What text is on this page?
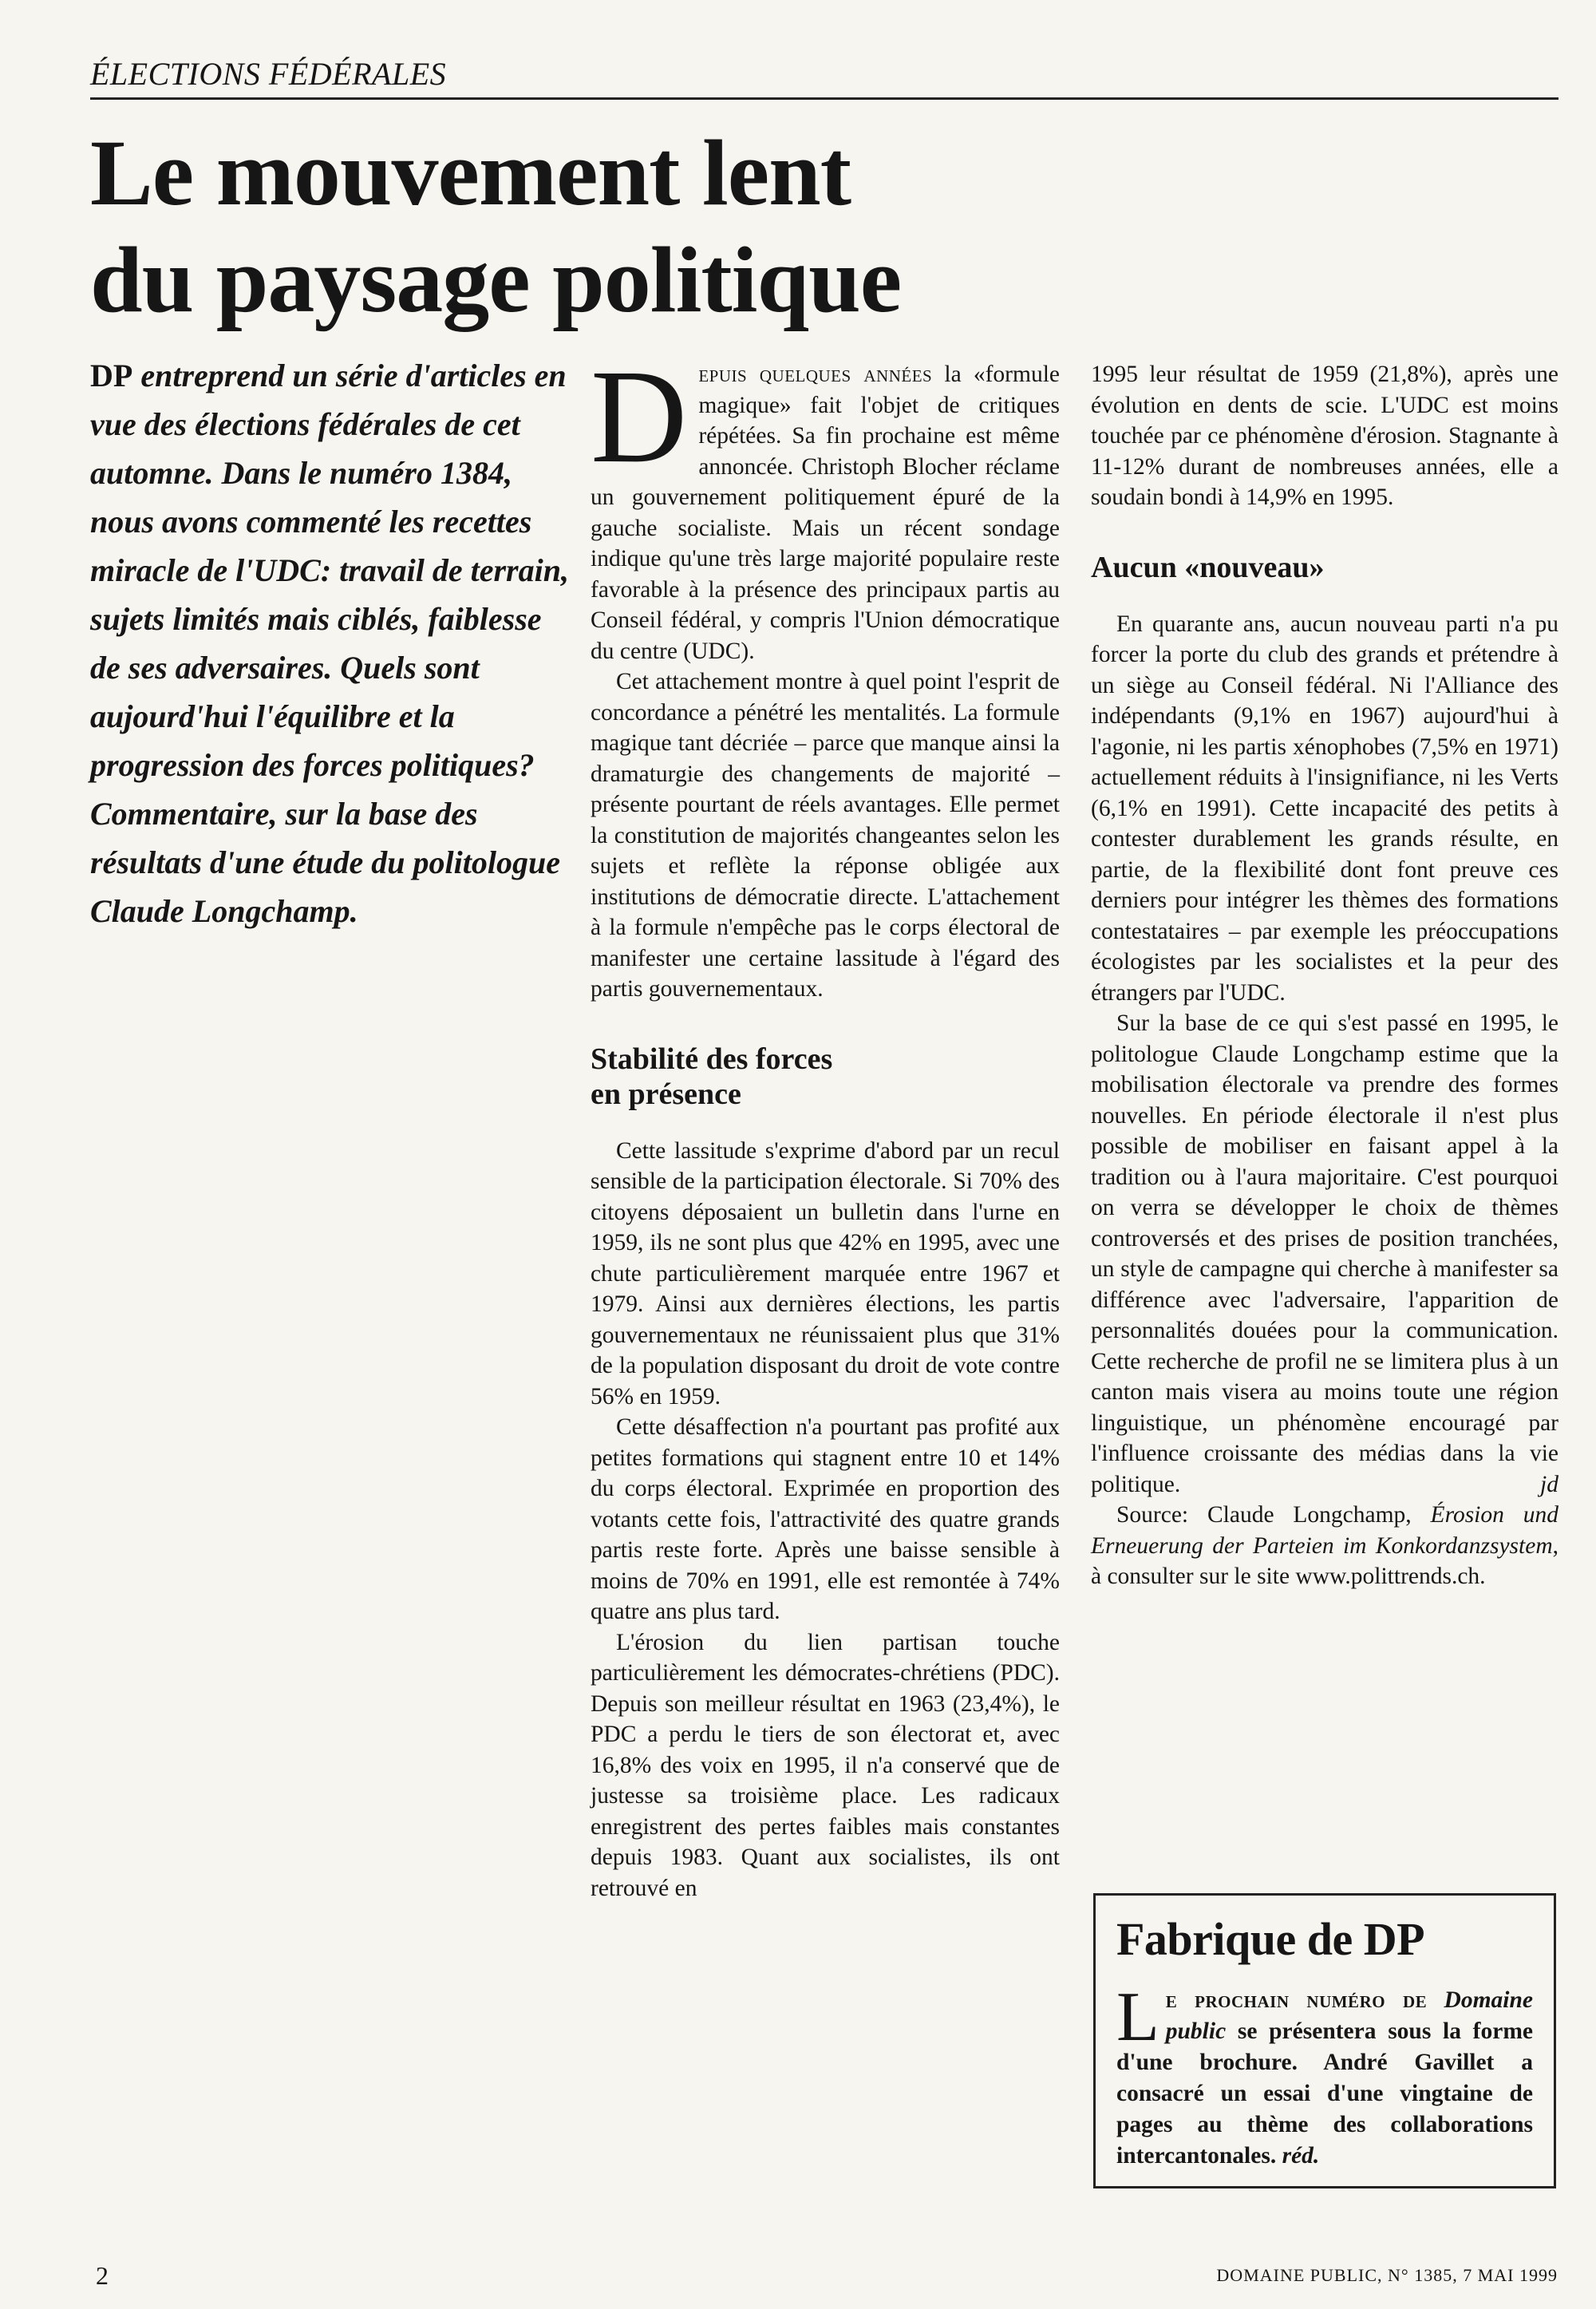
ÉLECTIONS FÉDÉRALES
Le mouvement lent
du paysage politique

DP entreprend un série d'articles en vue des élections fédérales de cet automne. Dans le numéro 1384, nous avons commenté les recettes miracle de l'UDC: travail de terrain, sujets limités mais ciblés, faiblesse de ses adversaires. Quels sont aujourd'hui l'équilibre et la progression des forces politiques? Commentaire, sur la base des résultats d'une étude du politologue Claude Longchamp.

Depuis quelques années la «formule magique» fait l'objet de critiques répétées. Sa fin prochaine est même annoncée. Christoph Blocher réclame un gouvernement politiquement épuré de la gauche socialiste. Mais un récent sondage indique qu'une très large majorité populaire reste favorable à la présence des principaux partis au Conseil fédéral, y compris l'Union démocratique du centre (UDC).

Cet attachement montre à quel point l'esprit de concordance a pénétré les mentalités. La formule magique tant décriée – parce que manque ainsi la dramaturgie des changements de majorité – présente pourtant de réels avantages. Elle permet la constitution de majorités changeantes selon les sujets et reflète la réponse obligée aux institutions de démocratie directe. L'attachement à la formule n'empêche pas le corps électoral de manifester une certaine lassitude à l'égard des partis gouvernementaux.

Stabilité des forces
en présence

Cette lassitude s'exprime d'abord par un recul sensible de la participation électorale. Si 70% des citoyens déposaient un bulletin dans l'urne en 1959, ils ne sont plus que 42% en 1995, avec une chute particulièrement marquée entre 1967 et 1979. Ainsi aux dernières élections, les partis gouvernementaux ne réunissaient plus que 31% de la population disposant du droit de vote contre 56% en 1959.

Cette désaffection n'a pourtant pas profité aux petites formations qui stagnent entre 10 et 14% du corps électoral. Exprimée en proportion des votants cette fois, l'attractivité des quatre grands partis reste forte. Après une baisse sensible à moins de 70% en 1991, elle est remontée à 74% quatre ans plus tard.

L'érosion du lien partisan touche particulièrement les démocrates-chrétiens (PDC). Depuis son meilleur résultat en 1963 (23,4%), le PDC a perdu le tiers de son électorat et, avec 16,8% des voix en 1995, il n'a conservé que de justesse sa troisième place. Les radicaux enregistrent des pertes faibles mais constantes depuis 1983. Quant aux socialistes, ils ont retrouvé en

1995 leur résultat de 1959 (21,8%), après une évolution en dents de scie. L'UDC est moins touchée par ce phénomène d'érosion. Stagnante à 11-12% durant de nombreuses années, elle a soudain bondi à 14,9% en 1995.

Aucun «nouveau»

En quarante ans, aucun nouveau parti n'a pu forcer la porte du club des grands et prétendre à un siège au Conseil fédéral. Ni l'Alliance des indépendants (9,1% en 1967) aujourd'hui à l'agonie, ni les partis xénophobes (7,5% en 1971) actuellement réduits à l'insignifiance, ni les Verts (6,1% en 1991). Cette incapacité des petits à contester durablement les grands résulte, en partie, de la flexibilité dont font preuve ces derniers pour intégrer les thèmes des formations contestataires – par exemple les préoccupations écologistes par les socialistes et la peur des étrangers par l'UDC.

Sur la base de ce qui s'est passé en 1995, le politologue Claude Longchamp estime que la mobilisation électorale va prendre des formes nouvelles. En période électorale il n'est plus possible de mobiliser en faisant appel à la tradition ou à l'aura majoritaire. C'est pourquoi on verra se développer le choix de thèmes controversés et des prises de position tranchées, un style de campagne qui cherche à manifester sa différence avec l'adversaire, l'apparition de personnalités douées pour la communication. Cette recherche de profil ne se limitera plus à un canton mais visera au moins toute une région linguistique, un phénomène encouragé par l'influence croissante des médias dans la vie politique.	jd

Source: Claude Longchamp, Érosion und Erneuerung der Parteien im Konkordanzsystem, à consulter sur le site www.polittrends.ch.

Fabrique de DP
Le prochain numéro de Domaine public se présentera sous la forme d'une brochure. André Gavillet a consacré un essai d'une vingtaine de pages au thème des collaborations intercantonales. réd.
2	DOMAINE PUBLIC, N° 1385, 7 MAI 1999
